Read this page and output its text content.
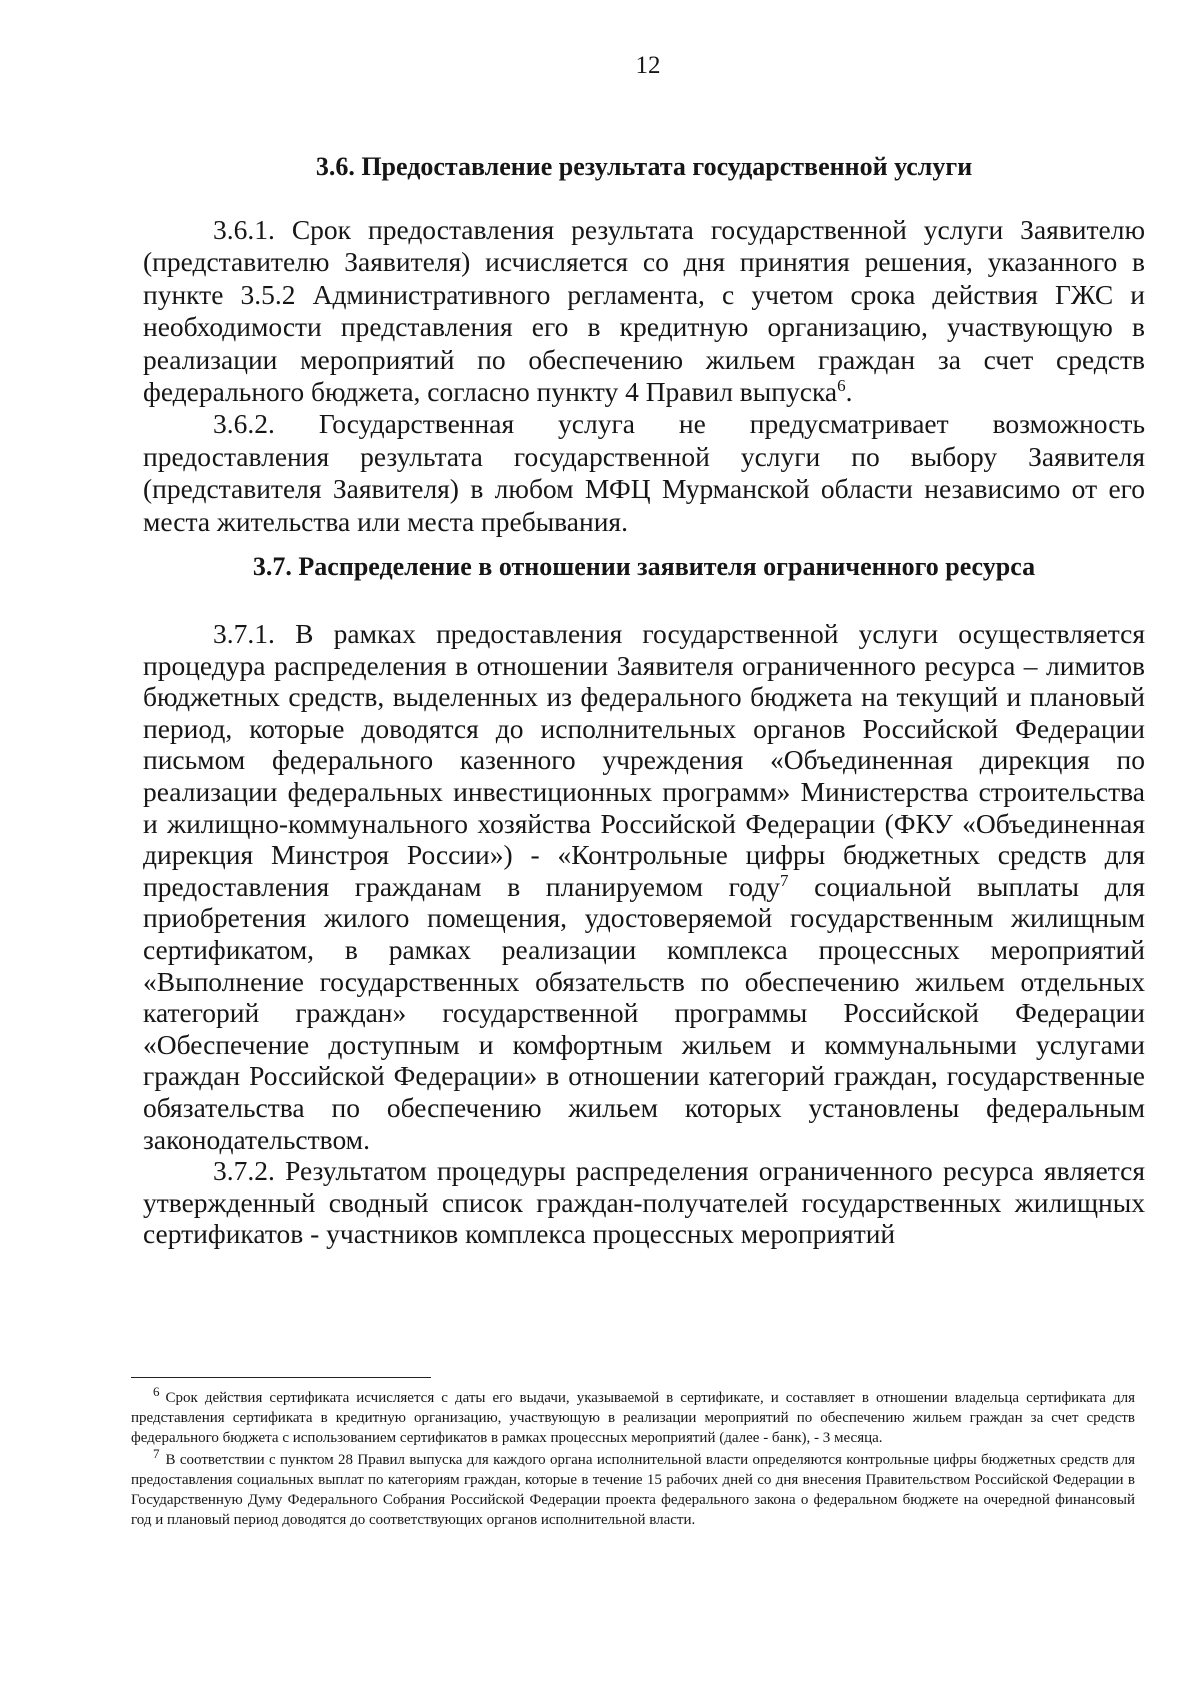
12
3.6. Предоставление результата государственной услуги

3.6.1. Срок предоставления результата государственной услуги Заявителю (представителю Заявителя) исчисляется со дня принятия решения, указанного в пункте 3.5.2 Административного регламента, с учетом срока действия ГЖС и необходимости представления его в кредитную организацию, участвующую в реализации мероприятий по обеспечению жильем граждан за счет средств федерального бюджета, согласно пункту 4 Правил выпуска$^6$.

3.6.2. Государственная услуга не предусматривает возможность предоставления результата государственной услуги по выбору Заявителя (представителя Заявителя) в любом МФЦ Мурманской области независимо от его места жительства или места пребывания.

3.7. Распределение в отношении заявителя ограниченного ресурса

3.7.1. В рамках предоставления государственной услуги осуществляется процедура распределения в отношении Заявителя ограниченного ресурса – лимитов бюджетных средств, выделенных из федерального бюджета на текущий и плановый период, которые доводятся до исполнительных органов Российской Федерации письмом федерального казенного учреждения «Объединенная дирекция по реализации федеральных инвестиционных программ» Министерства строительства и жилищно-коммунального хозяйства Российской Федерации (ФКУ «Объединенная дирекция Минстроя России») - «Контрольные цифры бюджетных средств для предоставления гражданам в планируемом году$^7$ социальной выплаты для приобретения жилого помещения, удостоверяемой государственным жилищным сертификатом, в рамках реализации комплекса процессных мероприятий «Выполнение государственных обязательств по обеспечению жильем отдельных категорий граждан» государственной программы Российской Федерации «Обеспечение доступным и комфортным жильем и коммунальными услугами граждан Российской Федерации» в отношении категорий граждан, государственные обязательства по обеспечению жильем которых установлены федеральным законодательством.

3.7.2. Результатом процедуры распределения ограниченного ресурса является утвержденный сводный список граждан-получателей государственных жилищных сертификатов - участников комплекса процессных мероприятий

6 Срок действия сертификата исчисляется с даты его выдачи, указываемой в сертификате, и составляет в отношении владельца сертификата для представления сертификата в кредитную организацию, участвующую в реализации мероприятий по обеспечению жильем граждан за счет средств федерального бюджета с использованием сертификатов в рамках процессных мероприятий (далее - банк), - 3 месяца.

7 В соответствии с пунктом 28 Правил выпуска для каждого органа исполнительной власти определяются контрольные цифры бюджетных средств для предоставления социальных выплат по категориям граждан, которые в течение 15 рабочих дней со дня внесения Правительством Российской Федерации в Государственную Думу Федерального Собрания Российской Федерации проекта федерального закона о федеральном бюджете на очередной финансовый год и плановый период доводятся до соответствующих органов исполнительной власти.
